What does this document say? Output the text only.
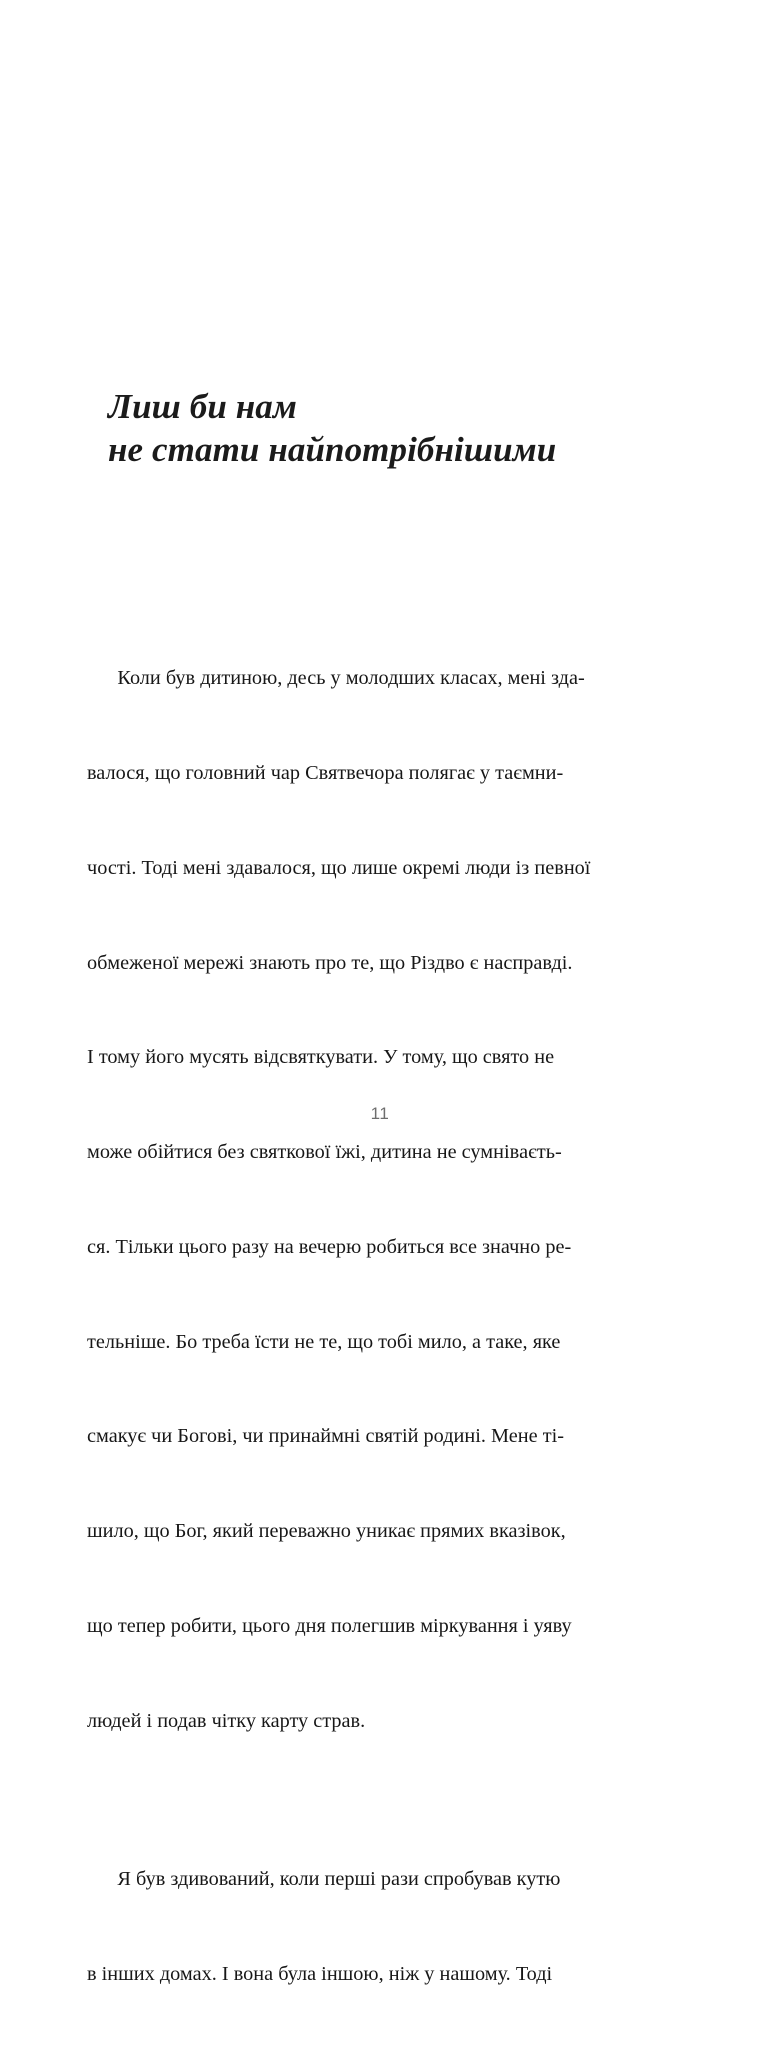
Лиш би нам
не стати найпотрібнішими

Коли був дитиною, десь у молодших класах, мені зда-

валося, що головний чар Святвечора полягає у таємни-

чості. Тоді мені здавалося, що лише окремі люди із певної

обмеженої мережі знають про те, що Різдво є насправді.

І тому його мусять відсвяткувати. У тому, що свято не

може обійтися без святкової їжі, дитина не сумнівaєть-

ся. Тільки цього разу на вечерю робиться все значно ре-

тельніше. Бо треба їсти не те, що тобі мило, а таке, яке

смакує чи Богові, чи принаймні святій родині. Мене ті-

шило, що Бог, який переважно уникає прямих вказівок,

що тепер робити, цього дня полегшив міркування і уяву

людей і подав чітку карту страв.

Я був здивований, коли перші рази спробував кутю

в інших домах. І вона була іншою, ніж у нашому. Тоді

11
